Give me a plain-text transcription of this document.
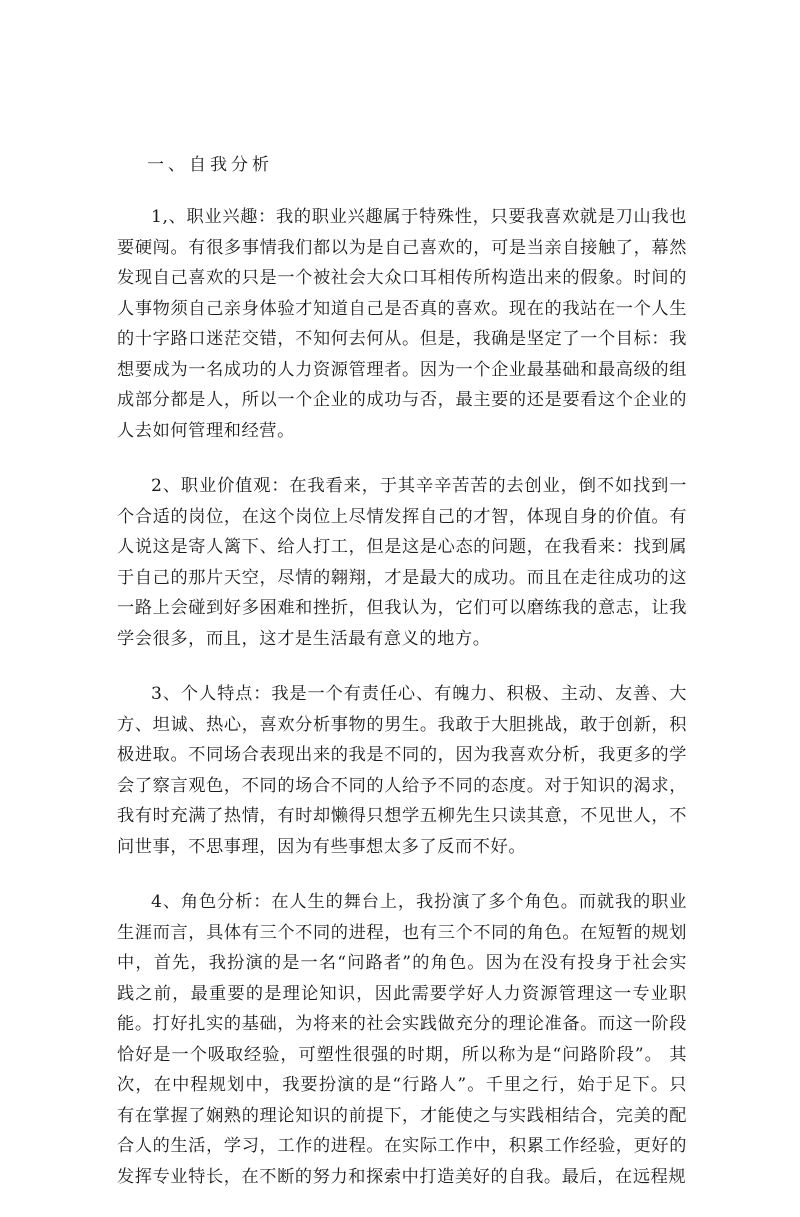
一、自我分析

1,、职业兴趣：我的职业兴趣属于特殊性，只要我喜欢就是刀山我也要硬闯。有很多事情我们都以为是自己喜欢的，可是当亲自接触了，幕然发现自己喜欢的只是一个被社会大众口耳相传所构造出来的假象。时间的人事物须自己亲身体验才知道自己是否真的喜欢。现在的我站在一个人生的十字路口迷茫交错，不知何去何从。但是，我确是坚定了一个目标：我想要成为一名成功的人力资源管理者。因为一个企业最基础和最高级的组成部分都是人，所以一个企业的成功与否，最主要的还是要看这个企业的人去如何管理和经营。

2、职业价值观：在我看来，于其辛辛苦苦的去创业，倒不如找到一个合适的岗位，在这个岗位上尽情发挥自己的才智，体现自身的价值。有人说这是寄人篱下、给人打工，但是这是心态的问题，在我看来：找到属于自己的那片天空，尽情的翱翔，才是最大的成功。而且在走往成功的这一路上会碰到好多困难和挫折，但我认为，它们可以磨练我的意志，让我学会很多，而且，这才是生活最有意义的地方。

3、个人特点：我是一个有责任心、有魄力、积极、主动、友善、大方、坦诚、热心，喜欢分析事物的男生。我敢于大胆挑战，敢于创新，积极进取。不同场合表现出来的我是不同的，因为我喜欢分析，我更多的学会了察言观色，不同的场合不同的人给予不同的态度。对于知识的渴求，我有时充满了热情，有时却懒得只想学五柳先生只读其意，不见世人，不问世事，不思事理，因为有些事想太多了反而不好。

4、角色分析：在人生的舞台上，我扮演了多个角色。而就我的职业生涯而言，具体有三个不同的进程，也有三个不同的角色。在短暂的规划中，首先，我扮演的是一名“问路者”的角色。因为在没有投身于社会实践之前，最重要的是理论知识，因此需要学好人力资源管理这一专业职能。打好扎实的基础，为将来的社会实践做充分的理论准备。而这一阶段恰好是一个吸取经验，可塑性很强的时期，所以称为是“问路阶段”。 其次，在中程规划中，我要扮演的是“行路人”。千里之行，始于足下。只有在掌握了娴熟的理论知识的前提下，才能使之与实践相结合，完美的配合人的生活，学习，工作的进程。在实际工作中，积累工作经验，更好的发挥专业特长，在不断的努力和探索中打造美好的自我。最后，在远程规
